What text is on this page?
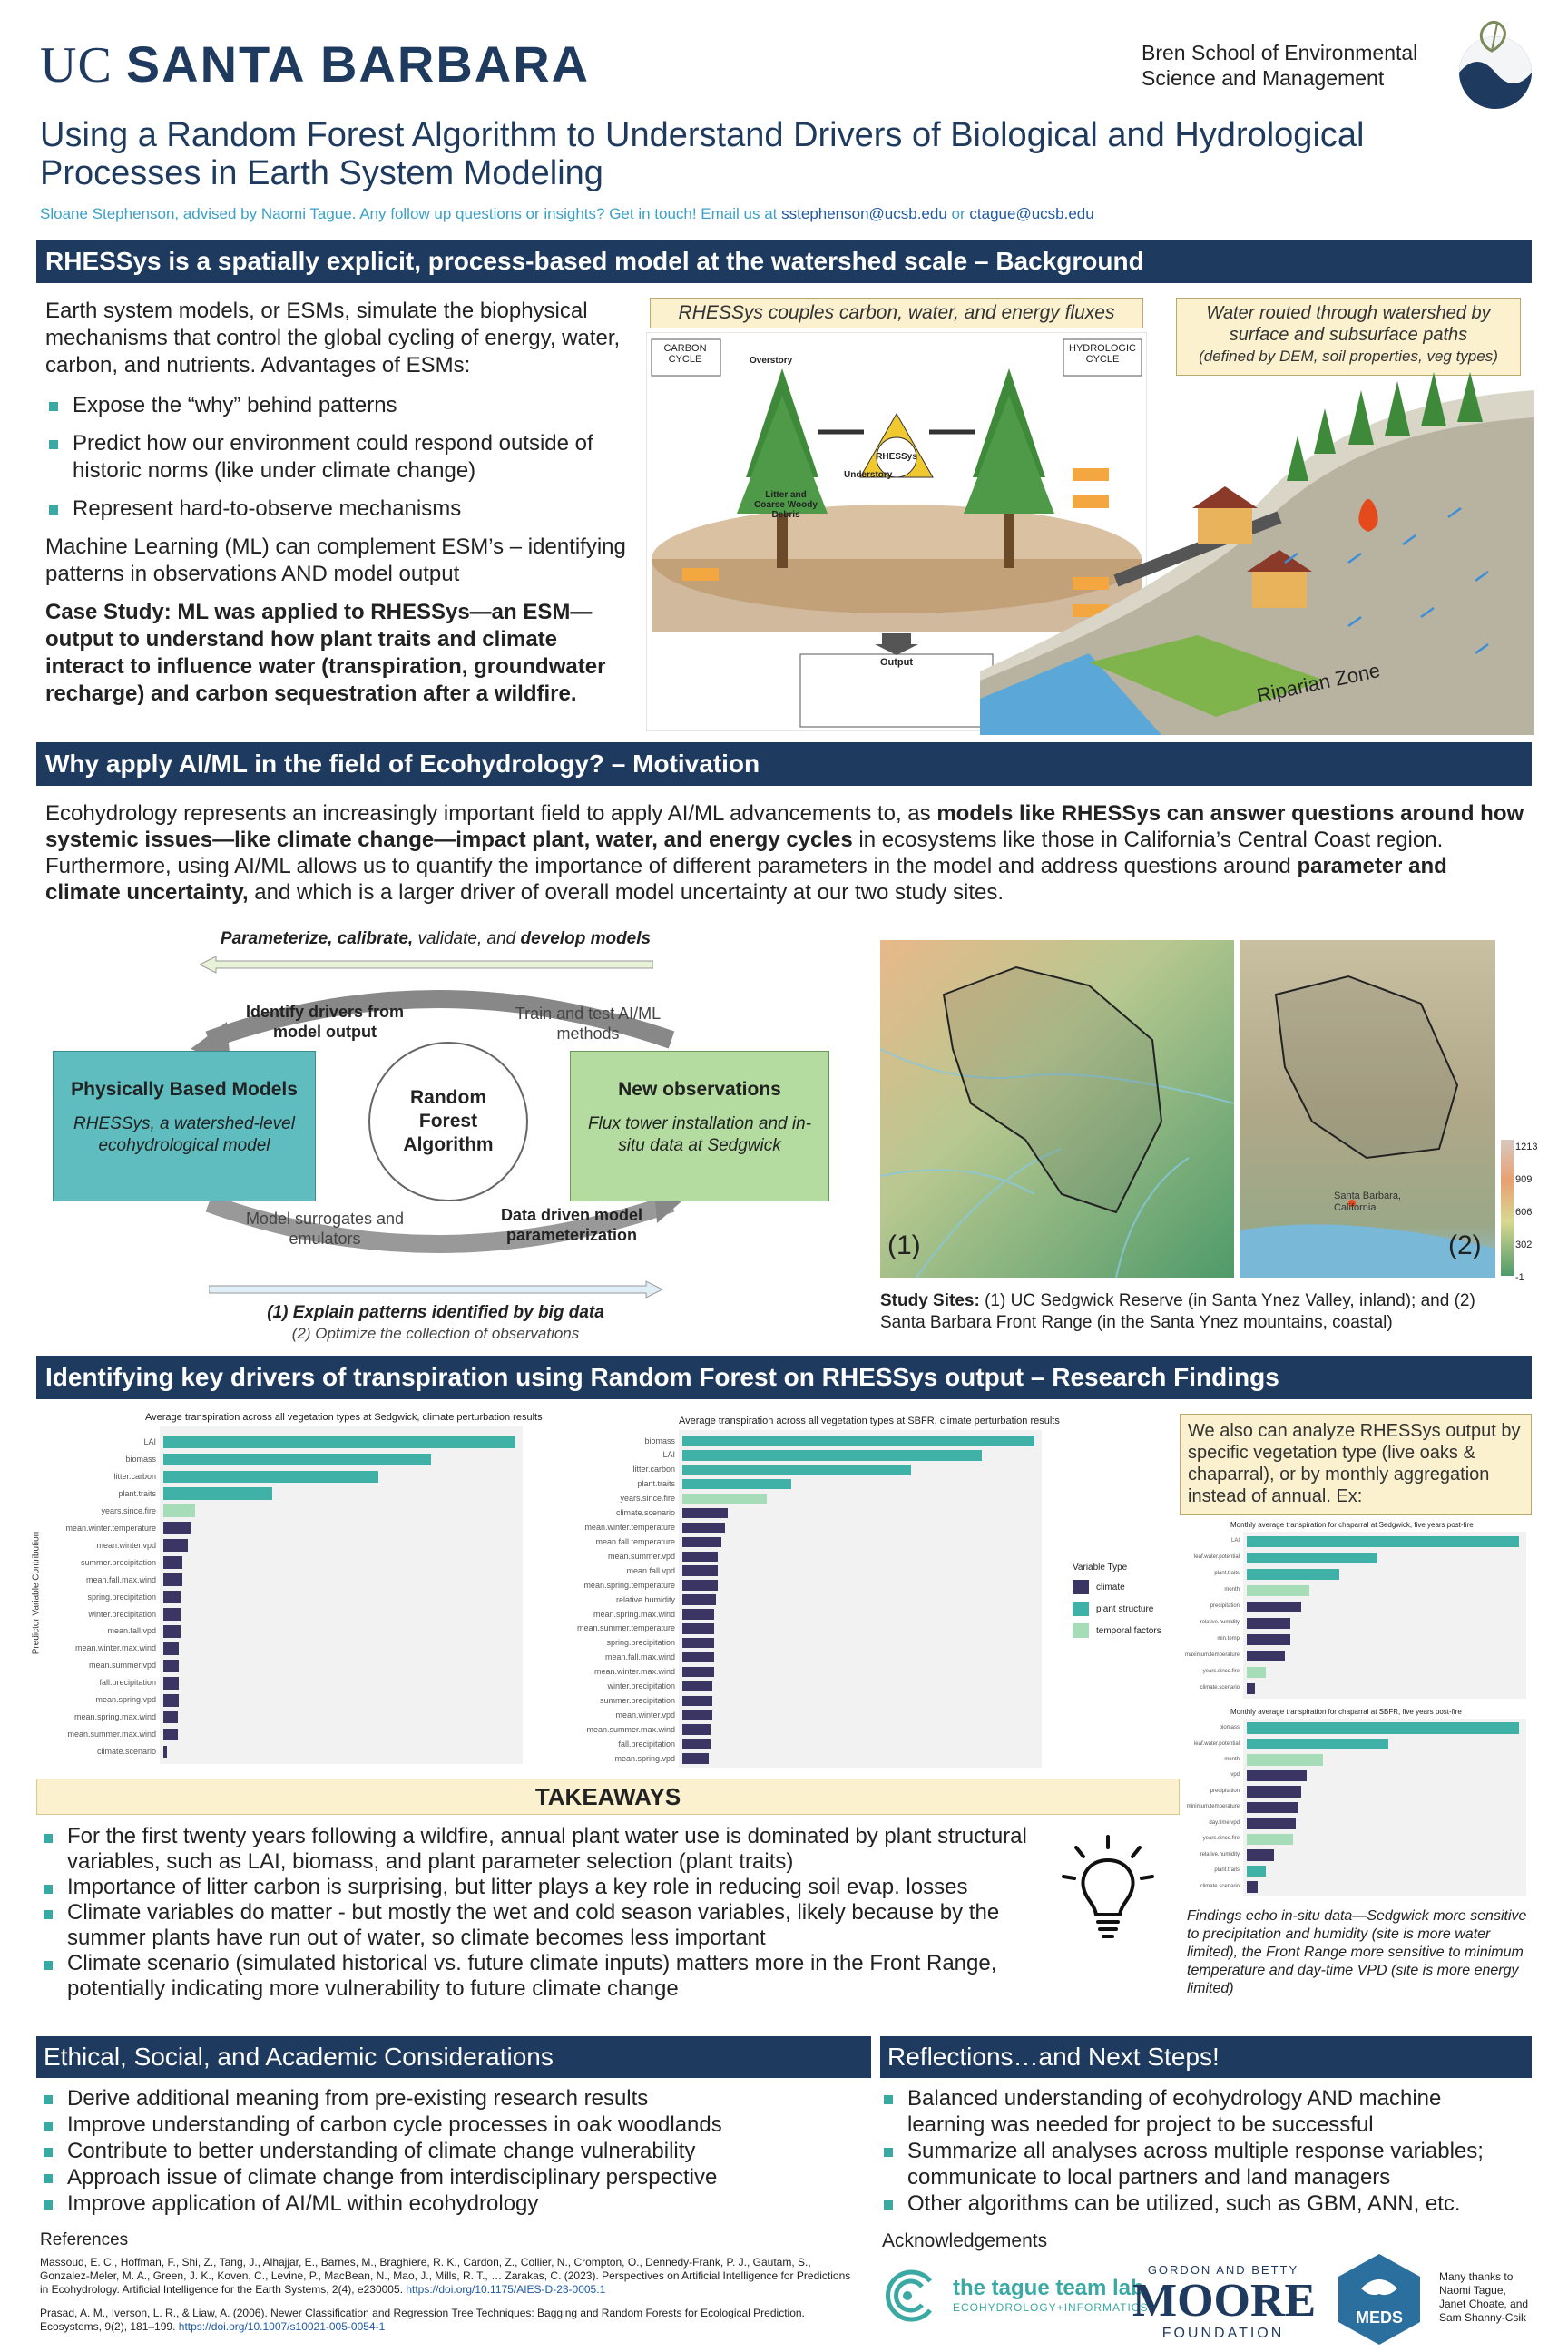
UC SANTA BARBARA	Bren School of Environmental
Science and Management
Using a Random Forest Algorithm to Understand Drivers of Biological and Hydrological
Processes in Earth System Modeling
Sloane Stephenson, advised by Naomi Tague. Any follow up questions or insights? Get in touch! Email us at sstephenson@ucsb.edu or ctague@ucsb.edu
RHESSys is a spatially explicit, process-based model at the watershed scale – Background

Earth system models, or ESMs, simulate the biophysical mechanisms that control the global cycling of energy, water, carbon, and nutrients. Advantages of ESMs:

Expose the “why” behind patterns
Predict how our environment could respond outside of historic norms (like under climate change)
Represent hard-to-observe mechanisms

Machine Learning (ML) can complement ESM’s – identifying patterns in observations AND model output

Case Study: ML was applied to RHESSys—an ESM—output to understand how plant traits and climate interact to influence water (transpiration, groundwater recharge) and carbon sequestration after a wildfire.

RHESSys couples carbon, water, and energy fluxes
CARBON CYCLE
HYDROLOGIC CYCLE
RHESSys
Overstory
Understory
Litter and Coarse Woody Debris
Output
Water routed through watershed by surface and subsurface paths
(defined by DEM, soil properties, veg types)
Riparian Zone
Why apply AI/ML in the field of Ecohydrology? – Motivation
Ecohydrology represents an increasingly important field to apply AI/ML advancements to, as models like RHESSys can answer questions around how systemic issues—like climate change—impact plant, water, and energy cycles in ecosystems like those in California’s Central Coast region. Furthermore, using AI/ML allows us to quantify the importance of different parameters in the model and address questions around parameter and climate uncertainty, and which is a larger driver of overall model uncertainty at our two study sites.
Parameterize, calibrate, validate, and develop models
Identify drivers from model output
Train and test AI/ML methods
Physically Based Models
RHESSys, a watershed-level ecohydrological model
Random Forest Algorithm
New observations
Flux tower installation and in-situ data at Sedgwick
Model surrogates and emulators
Data driven model parameterization
(1) Explain patterns identified by big data
(2) Optimize the collection of observations
(1)
Santa Barbara, California
(2)
1213
909
606
302
-1
Study Sites: (1) UC Sedgwick Reserve (in Santa Ynez Valley, inland); and (2) Santa Barbara Front Range (in the Santa Ynez mountains, coastal)
Identifying key drivers of transpiration using Random Forest on RHESSys output – Research Findings
Average transpiration across all vegetation types at Sedgwick, climate perturbation results
LAI
biomass
litter.carbon
plant.traits
years.since.fire
mean.winter.temperature
mean.winter.vpd
summer.precipitation
mean.fall.max.wind
spring.precipitation
winter.precipitation
mean.fall.vpd
mean.winter.max.wind
mean.summer.vpd
fall.precipitation
mean.spring.vpd
mean.spring.max.wind
mean.summer.max.wind
climate.scenario
Predictor Variable Contribution
Average transpiration across all vegetation types at SBFR, climate perturbation results
biomass
LAI
litter.carbon
plant.traits
years.since.fire
climate.scenario
mean.winter.temperature
mean.fall.temperature
mean.summer.vpd
mean.fall.vpd
mean.spring.temperature
relative.humidity
mean.spring.max.wind
mean.summer.temperature
spring.precipitation
mean.fall.max.wind
mean.winter.max.wind
winter.precipitation
summer.precipitation
mean.winter.vpd
mean.summer.max.wind
fall.precipitation
mean.spring.vpd
Variable Type
climate
plant structure
temporal factors
We also can analyze RHESSys output by specific vegetation type (live oaks & chaparral), or by monthly aggregation instead of annual. Ex:
Monthly average transpiration for chaparral at Sedgwick, five years post-fire
LAI
leaf.water.potential
plant.traits
month
precipitation
relative.humidity
min.temp
maximum.temperature
years.since.fire
climate.scenario
Monthly average transpiration for chaparral at SBFR, five years post-fire
biomass
leaf.water.potential
month
vpd
precipitation
minimum.temperature
day.time.vpd
years.since.fire
relative.humidity
plant.traits
climate.scenario
Findings echo in-situ data—Sedgwick more sensitive to precipitation and humidity (site is more water limited), the Front Range more sensitive to minimum temperature and day-time VPD (site is more energy limited)
TAKEAWAYS
For the first twenty years following a wildfire, annual plant water use is dominated by plant structural variables, such as LAI, biomass, and plant parameter selection (plant traits)
Importance of litter carbon is surprising, but litter plays a key role in reducing soil evap. losses
Climate variables do matter - but mostly the wet and cold season variables, likely because by the summer plants have run out of water, so climate becomes less important
Climate scenario (simulated historical vs. future climate inputs) matters more in the Front Range, potentially indicating more vulnerability to future climate change
Ethical, Social, and Academic Considerations
Derive additional meaning from pre-existing research results
Improve understanding of carbon cycle processes in oak woodlands
Contribute to better understanding of climate change vulnerability
Approach issue of climate change from interdisciplinary perspective
Improve application of AI/ML within ecohydrology
Reflections…and Next Steps!
Balanced understanding of ecohydrology AND machine learning was needed for project to be successful
Summarize all analyses across multiple response variables; communicate to local partners and land managers
Other algorithms can be utilized, such as GBM, ANN, etc.
References
Massoud, E. C., Hoffman, F., Shi, Z., Tang, J., Alhajjar, E., Barnes, M., Braghiere, R. K., Cardon, Z., Collier, N., Crompton, O., Dennedy-Frank, P. J., Gautam, S., Gonzalez-Meler, M. A., Green, J. K., Koven, C., Levine, P., MacBean, N., Mao, J., Mills, R. T., … Zarakas, C. (2023). Perspectives on Artificial Intelligence for Predictions in Ecohydrology. Artificial Intelligence for the Earth Systems, 2(4), e230005. https://doi.org/10.1175/AIES-D-23-0005.1
Prasad, A. M., Iverson, L. R., & Liaw, A. (2006). Newer Classification and Regression Tree Techniques: Bagging and Random Forests for Ecological Prediction. Ecosystems, 9(2), 181–199. https://doi.org/10.1007/s10021-005-0054-1
Acknowledgements
the tague team lab
ECOHYDROLOGY+INFORMATICS
GORDON AND BETTY
MOORE
FOUNDATION
MEDS
Many thanks to Naomi Tague, Janet Choate, and Sam Shanny-Csik
